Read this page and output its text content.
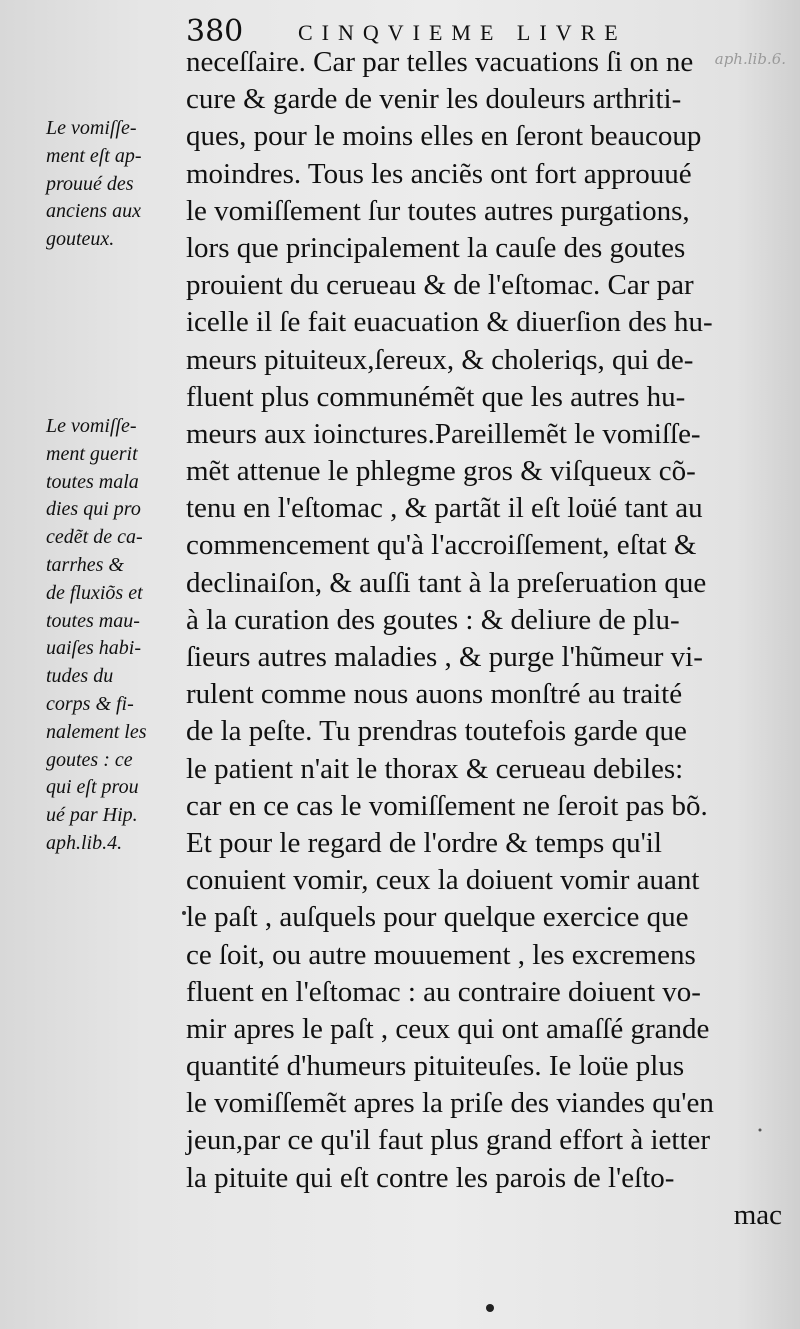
aph.lib.6.
380 CINQVIEME LIVRE
Le vomiſſe-
ment eſt ap-
prouué des
anciens aux
gouteux.
Le vomiſſe-
ment guerit
toutes mala
dies qui pro
cedẽt de ca-
tarrhes &
de fluxiõs et
toutes mau-
uaiſes habi-
tudes du
corps & fi-
nalement les
goutes : ce
qui eſt prou
ué par Hip.
aph.lib.4.
neceſſaire. Car par telles vacuations ſi on ne
cure & garde de venir les douleurs arthriti-
ques, pour le moins elles en ſeront beaucoup
moindres. Tous les anciẽs ont fort approuué
le vomiſſement ſur toutes autres purgations,
lors que principalement la cauſe des goutes
prouient du cerueau & de l'eſtomac. Car par
icelle il ſe fait euacuation & diuerſion des hu-
meurs pituiteux,ſereux, & choleriqs, qui de-
fluent plus communémẽt que les autres hu-
meurs aux ioinctures.Pareillemẽt le vomiſſe-
mẽt attenue le phlegme gros & viſqueux cõ-
tenu en l'eſtomac , & partãt il eſt loüé tant au
commencement qu'à l'accroiſſement, eſtat &
declinaiſon, & auſſi tant à la preſeruation que
à la curation des goutes : & deliure de plu-
ſieurs autres maladies , & purge l'hũmeur vi-
rulent comme nous auons monſtré au traité
de la peſte. Tu prendras toutefois garde que
le patient n'ait le thorax & cerueau debiles:
car en ce cas le vomiſſement ne ſeroit pas bõ.
Et pour le regard de l'ordre & temps qu'il
conuient vomir, ceux la doiuent vomir auant
le paſt , auſquels pour quelque exercice que
ce ſoit, ou autre mouuement , les excremens
fluent en l'eſtomac : au contraire doiuent vo-
mir apres le paſt , ceux qui ont amaſſé grande
quantité d'humeurs pituiteuſes. Ie loüe plus
le vomiſſemẽt apres la priſe des viandes qu'en
jeun,par ce qu'il faut plus grand effort à ietter
la pituite qui eſt contre les parois de l'eſto-
mac
